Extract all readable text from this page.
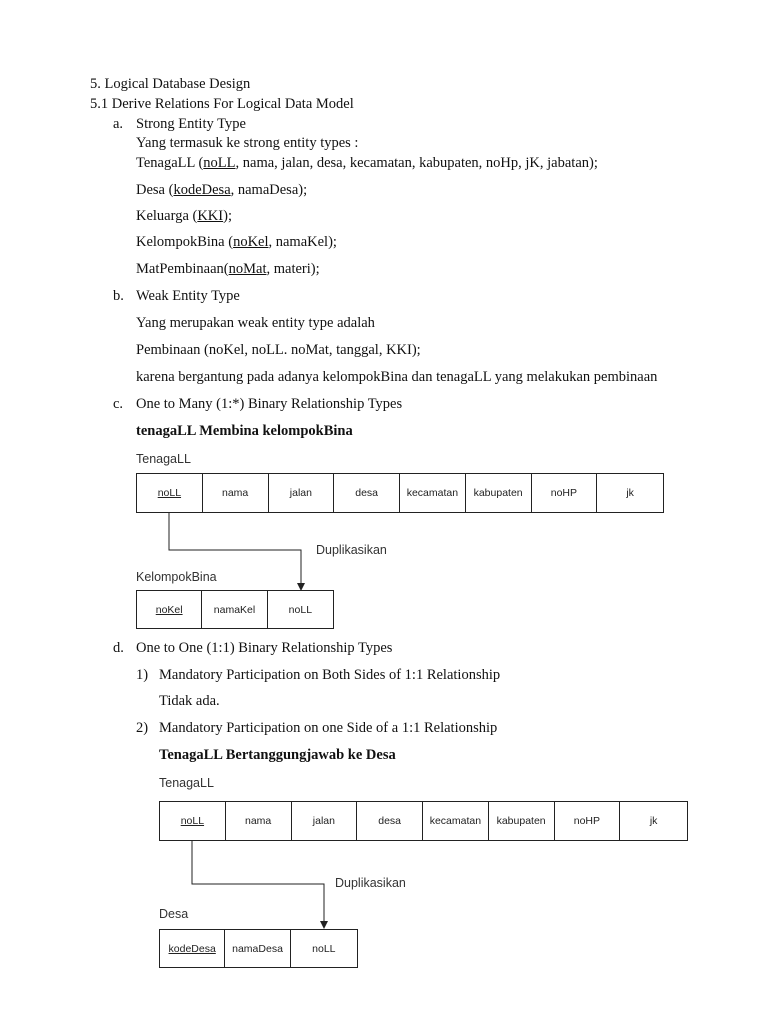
5. Logical Database Design
5.1 Derive Relations For Logical Data Model
a. Strong Entity Type
Yang termasuk ke strong entity types :
TenagaLL (noLL, nama, jalan, desa, kecamatan, kabupaten, noHp, jK, jabatan);
Desa (kodeDesa, namaDesa);
Keluarga (KKI);
KelompokBina (noKel, namaKel);
MatPembinaan(noMat, materi);
b. Weak Entity Type
Yang merupakan weak entity type adalah
Pembinaan (noKel, noLL. noMat, tanggal, KKI);
karena bergantung pada adanya kelompokBina dan tenagaLL yang melakukan pembinaan
c. One to Many (1:*) Binary Relationship Types
tenagaLL Membina kelompokBina
TenagaLL
noLL	nama	jalan	desa	kecamatan	kabupaten	noHP	jk
Duplikasikan
KelompokBina
noKel	namaKel	noLL
d. One to One (1:1) Binary Relationship Types
1) Mandatory Participation on Both Sides of 1:1 Relationship
Tidak ada.
2) Mandatory Participation on one Side of a 1:1 Relationship
TenagaLL Bertanggungjawab ke Desa
TenagaLL
noLL	nama	jalan	desa	kecamatan	kabupaten	noHP	jk
Duplikasikan
Desa
kodeDesa	namaDesa	noLL
